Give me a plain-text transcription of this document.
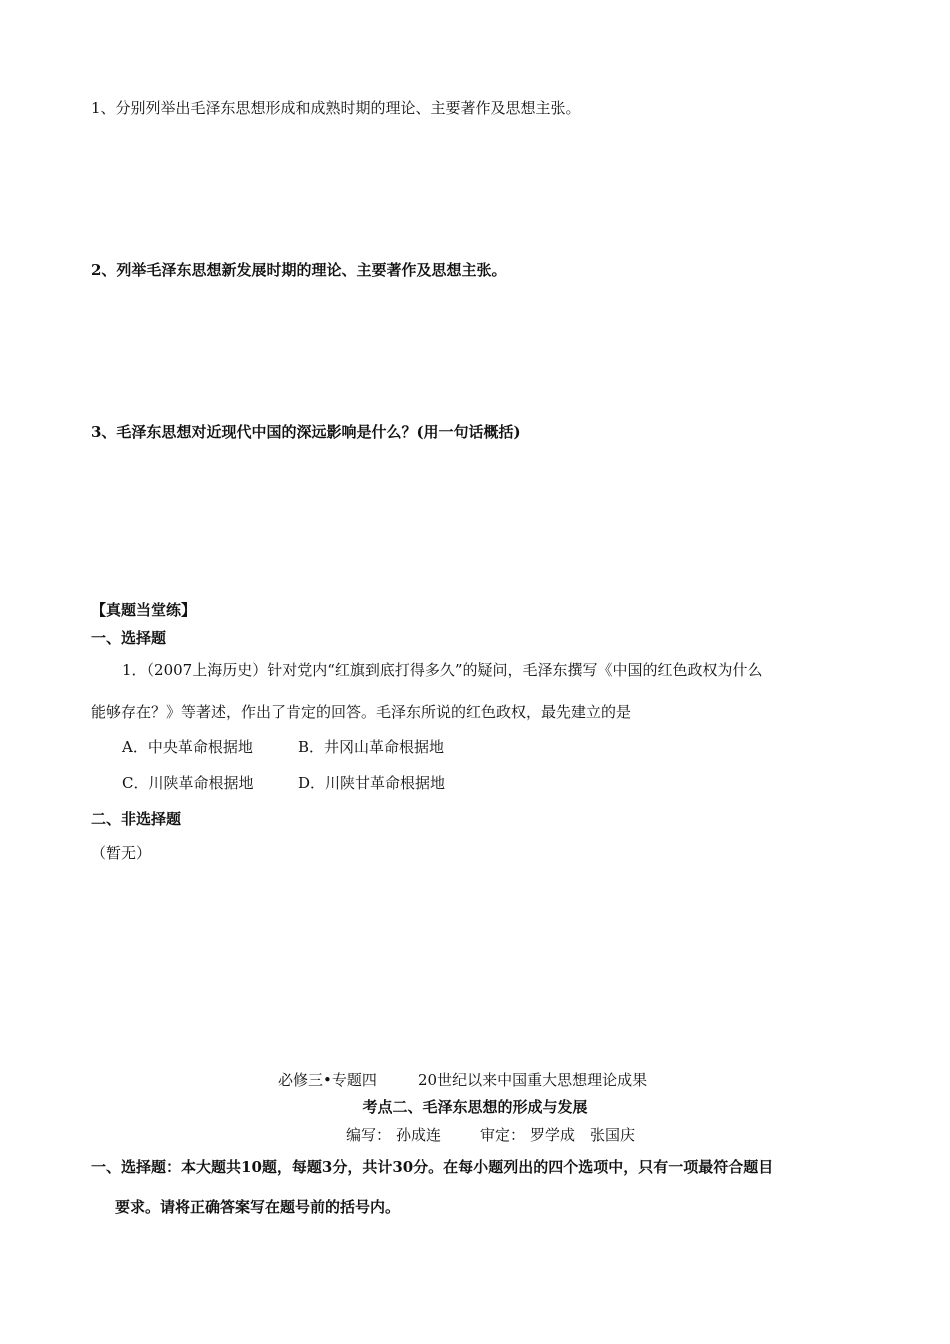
1、分别列举出毛泽东思想形成和成熟时期的理论、主要著作及思想主张。
2、列举毛泽东思想新发展时期的理论、主要著作及思想主张。
3、毛泽东思想对近现代中国的深远影响是什么？(用一句话概括)
【真题当堂练】
一、选择题
1．（2007上海历史）针对党内“红旗到底打得多久”的疑问，毛泽东撰写《中国的红色政权为什么
能够存在？》等著述，作出了肯定的回答。毛泽东所说的红色政权，最先建立的是
A．中央革命根据地	B．井冈山革命根据地
C．川陕革命根据地	D．川陕甘革命根据地
二、非选择题
（暂无）
必修三•专题四	20世纪以来中国重大思想理论成果
考点二、毛泽东思想的形成与发展
编写： 孙成连	审定： 罗学成　张国庆
一、选择题：本大题共10题，每题3分，共计30分。在每小题列出的四个选项中，只有一项最符合题目
要求。请将正确答案写在题号前的括号内。
